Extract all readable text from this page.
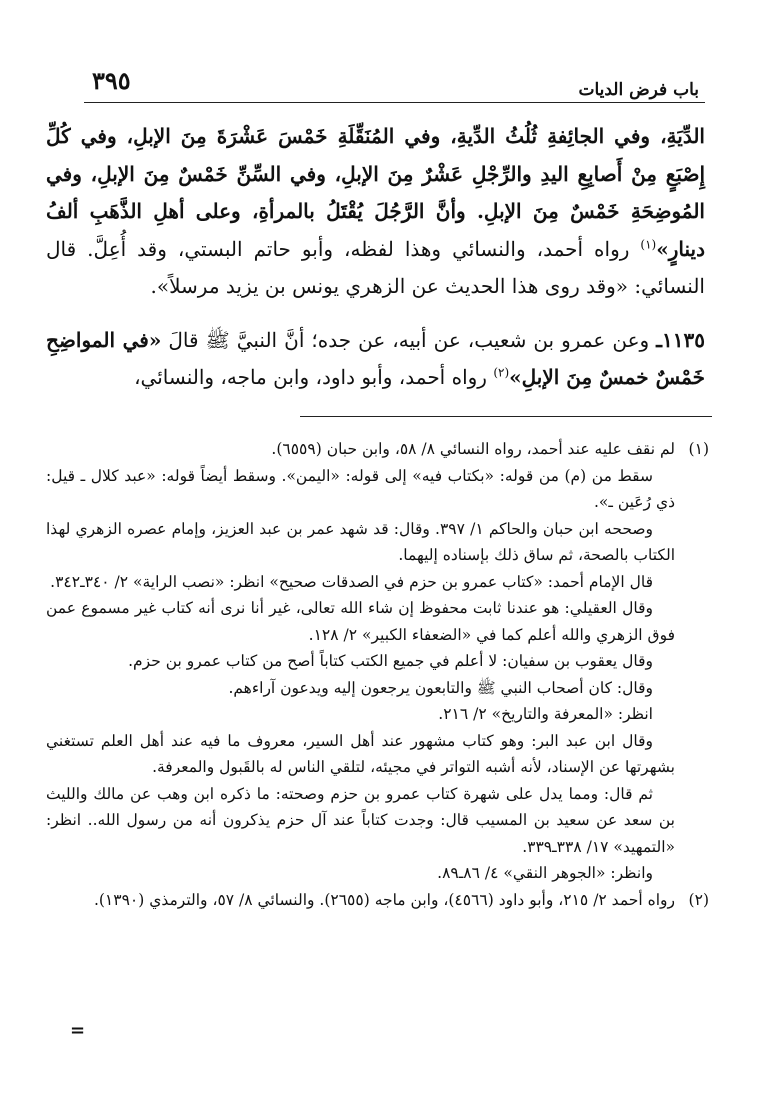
باب فرض الديات
٣٩٥

الدِّيَةِ، وفي الجائِفةِ ثُلُثُ الدِّيةِ، وفي المُنَقِّلَةِ خَمْسَ عَشْرَةَ مِنَ الإبلِ، وفي كُلِّ إِصْبَعٍ مِنْ أَصابِعِ اليدِ والرِّجْلِ عَشْرٌ مِنَ الإبلِ، وفي السِّنِّ خَمْسٌ مِنَ الإبلِ، وفي المُوضِحَةِ خَمْسٌ مِنَ الإبلِ. وأنَّ الرَّجُلَ يُقْتَلُ بالمرأةِ، وعلى أهلِ الذَّهَبِ ألفُ دينارٍ»$^{(١)}$ رواه أحمد، والنسائي وهذا لفظه، وأبو حاتم البستي، وقد أُعِلَّ. قال النسائي: «وقد روى هذا الحديث عن الزهري يونس بن يزيد مرسلاً».

١١٣٥ـ وعن عمرو بن شعيب، عن أبيه، عن جده؛ أنَّ النبيَّ ﷺ قالَ «في المواضِحِ خَمْسٌ خمسٌ مِنَ الإبلِ»$^{(٢)}$ رواه أحمد، وأبو داود، وابن ماجه، والنسائي،

(١)

لم نقف عليه عند أحمد، رواه النسائي ٨/ ٥٨، وابن حبان (٦٥٥٩).

سقط من (م) من قوله: «بكتاب فيه» إلى قوله: «اليمن». وسقط أيضاً قوله: «عبد كلال ـ قيل: ذي رُعَين ـ».

وصححه ابن حبان والحاكم ١/ ٣٩٧. وقال: قد شهد عمر بن عبد العزيز، وإمام عصره الزهري لهذا الكتاب بالصحة، ثم ساق ذلك بإسناده إليهما.

قال الإمام أحمد: «كتاب عمرو بن حزم في الصدقات صحيح» انظر: «نصب الراية» ٢/ ٣٤٠ـ٣٤٢.

وقال العقيلي: هو عندنا ثابت محفوظ إن شاء الله تعالى، غير أنا نرى أنه كتاب غير مسموع عمن فوق الزهري والله أعلم كما في «الضعفاء الكبير» ٢/ ١٢٨.

وقال يعقوب بن سفيان: لا أعلم في جميع الكتب كتاباً أصح من كتاب عمرو بن حزم.

وقال: كان أصحاب النبي ﷺ والتابعون يرجعون إليه ويدعون آراءهم.

انظر: «المعرفة والتاريخ» ٢/ ٢١٦.

وقال ابن عبد البر: وهو كتاب مشهور عند أهل السير، معروف ما فيه عند أهل العلم تستغني بشهرتها عن الإسناد، لأنه أشبه التواتر في مجيئه، لتلقي الناس له بالقَبول والمعرفة.

ثم قال: ومما يدل على شهرة كتاب عمرو بن حزم وصحته: ما ذكره ابن وهب عن مالك والليث بن سعد عن سعيد بن المسيب قال: وجدت كتاباً عند آل حزم يذكرون أنه من رسول الله.. انظر: «التمهيد» ١٧/ ٣٣٨ـ٣٣٩.

وانظر: «الجوهر النقي» ٤/ ٨٦ـ٨٩.

(٢)

رواه أحمد ٢/ ٢١٥، وأبو داود (٤٥٦٦)، وابن ماجه (٢٦٥٥). والنسائي ٨/ ٥٧، والترمذي (١٣٩٠).

=
